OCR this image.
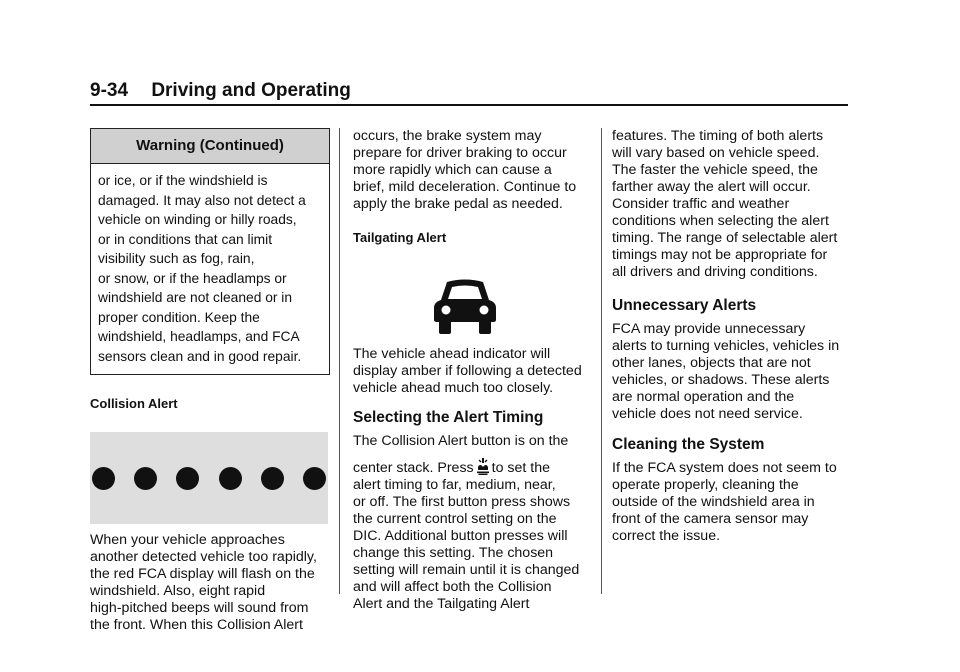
9-34 Driving and Operating
Warning (Continued)
or ice, or if the windshield is
damaged. It may also not detect a
vehicle on winding or hilly roads,
or in conditions that can limit
visibility such as fog, rain,
or snow, or if the headlamps or
windshield are not cleaned or in
proper condition. Keep the
windshield, headlamps, and FCA
sensors clean and in good repair.
Collision Alert
When your vehicle approaches
another detected vehicle too rapidly,
the red FCA display will flash on the
windshield. Also, eight rapid
high-pitched beeps will sound from
the front. When this Collision Alert
occurs, the brake system may
prepare for driver braking to occur
more rapidly which can cause a
brief, mild deceleration. Continue to
apply the brake pedal as needed.
Tailgating Alert
The vehicle ahead indicator will
display amber if following a detected
vehicle ahead much too closely.
Selecting the Alert Timing
The Collision Alert button is on the
center stack. Press to set the
alert timing to far, medium, near,
or off. The first button press shows
the current control setting on the
DIC. Additional button presses will
change this setting. The chosen
setting will remain until it is changed
and will affect both the Collision
Alert and the Tailgating Alert
features. The timing of both alerts
will vary based on vehicle speed.
The faster the vehicle speed, the
farther away the alert will occur.
Consider traffic and weather
conditions when selecting the alert
timing. The range of selectable alert
timings may not be appropriate for
all drivers and driving conditions.
Unnecessary Alerts
FCA may provide unnecessary
alerts to turning vehicles, vehicles in
other lanes, objects that are not
vehicles, or shadows. These alerts
are normal operation and the
vehicle does not need service.
Cleaning the System
If the FCA system does not seem to
operate properly, cleaning the
outside of the windshield area in
front of the camera sensor may
correct the issue.
